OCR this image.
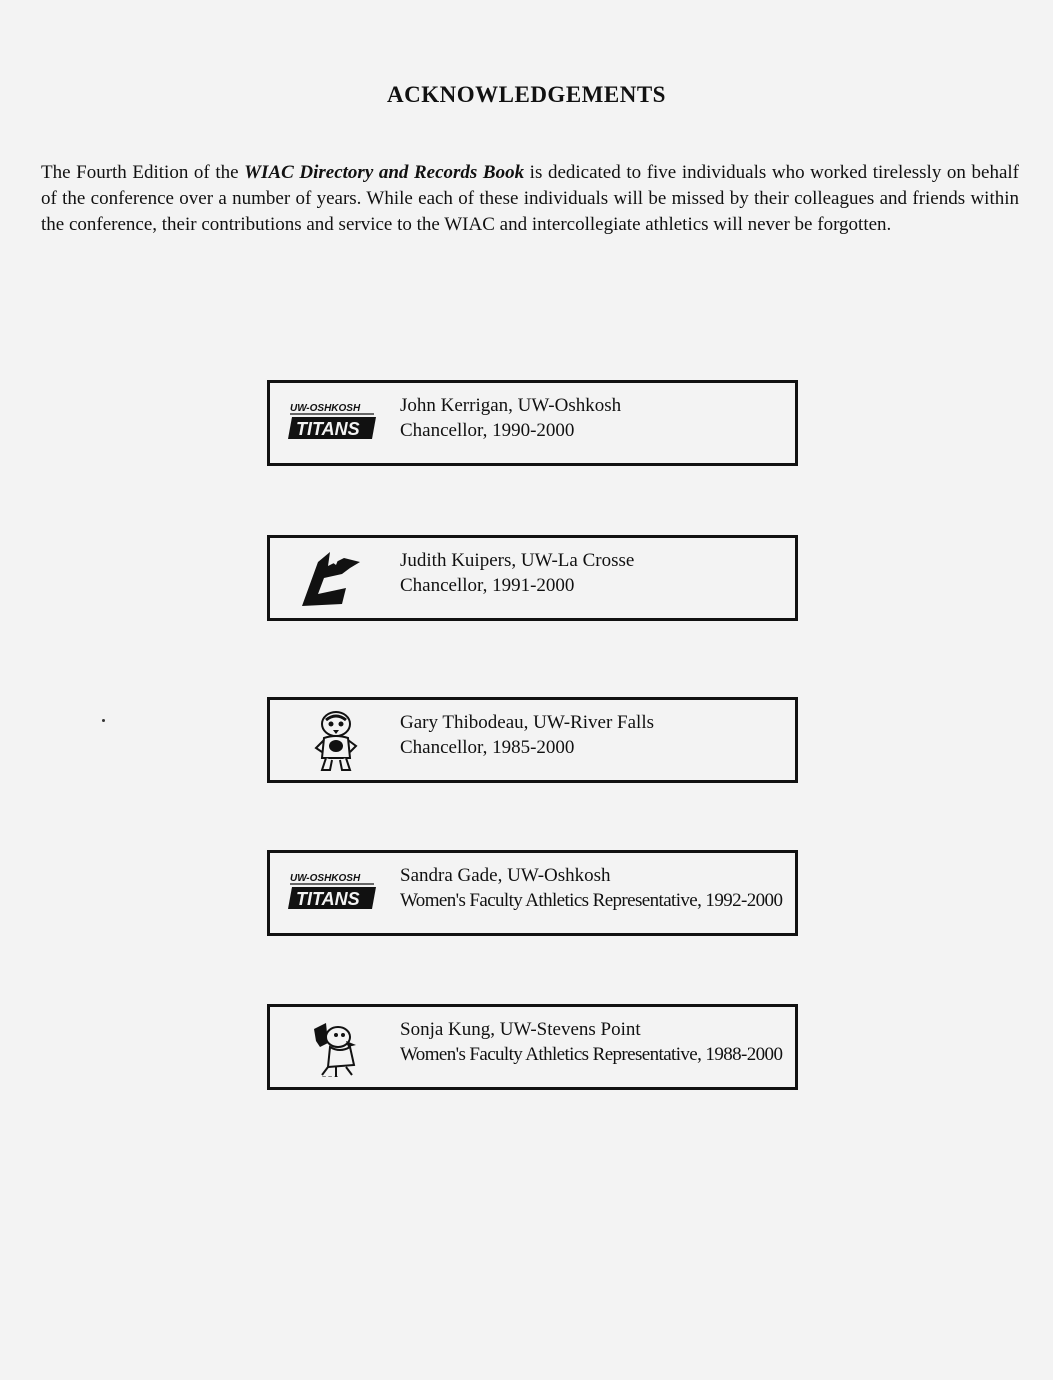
ACKNOWLEDGEMENTS

The Fourth Edition of the WIAC Directory and Records Book is dedicated to five individuals who worked tirelessly on behalf of the conference over a number of years. While each of these individuals will be missed by their colleagues and friends within the conference, their contributions and service to the WIAC and intercollegiate athletics will never be forgotten.

UW-OSHKOSH
TITANS
John Kerrigan, UW-Oshkosh
Chancellor, 1990-2000
Judith Kuipers, UW-La Crosse
Chancellor, 1991-2000
Gary Thibodeau, UW-River Falls
Chancellor, 1985-2000
UW-OSHKOSH
TITANS
Sandra Gade, UW-Oshkosh
Women's Faculty Athletics Representative, 1992-2000
~ ~ ~
Sonja Kung, UW-Stevens Point
Women's Faculty Athletics Representative, 1988-2000
